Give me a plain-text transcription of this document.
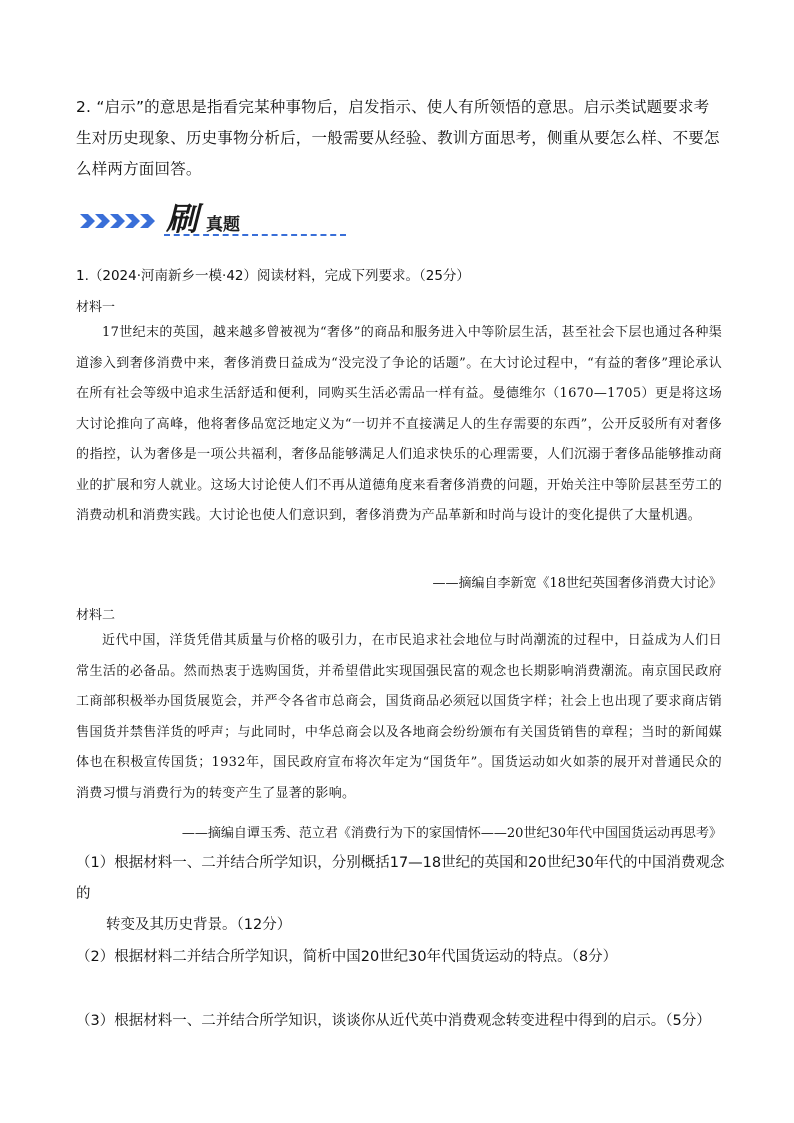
2. “启示”的意思是指看完某种事物后，启发指示、使人有所领悟的意思。启示类试题要求考生对历史现象、历史事物分析后，一般需要从经验、教训方面思考，侧重从要怎么样、不要怎么样两方面回答。
刷 真题
1.（2024·河南新乡一模·42）阅读材料，完成下列要求。（25分）
材料一
17世纪末的英国，越来越多曾被视为“奢侈”的商品和服务进入中等阶层生活，甚至社会下层也通过各种渠道渗入到奢侈消费中来，奢侈消费日益成为“没完没了争论的话题”。在大讨论过程中，“有益的奢侈”理论承认在所有社会等级中追求生活舒适和便利，同购买生活必需品一样有益。曼德维尔（1670—1705）更是将这场大讨论推向了高峰，他将奢侈品宽泛地定义为“一切并不直接满足人的生存需要的东西”，公开反驳所有对奢侈的指控，认为奢侈是一项公共福利，奢侈品能够满足人们追求快乐的心理需要，人们沉溺于奢侈品能够推动商业的扩展和穷人就业。这场大讨论使人们不再从道德角度来看奢侈消费的问题，开始关注中等阶层甚至劳工的消费动机和消费实践。大讨论也使人们意识到，奢侈消费为产品革新和时尚与设计的变化提供了大量机遇。
——摘编自李新宽《18世纪英国奢侈消费大讨论》
材料二
近代中国，洋货凭借其质量与价格的吸引力，在市民追求社会地位与时尚潮流的过程中，日益成为人们日常生活的必备品。然而热衷于选购国货，并希望借此实现国强民富的观念也长期影响消费潮流。南京国民政府工商部积极举办国货展览会，并严令各省市总商会，国货商品必须冠以国货字样；社会上也出现了要求商店销售国货并禁售洋货的呼声；与此同时，中华总商会以及各地商会纷纷颁布有关国货销售的章程；当时的新闻媒体也在积极宣传国货；1932年，国民政府宣布将次年定为“国货年”。国货运动如火如荼的展开对普通民众的消费习惯与消费行为的转变产生了显著的影响。
——摘编自谭玉秀、范立君《消费行为下的家国情怀——20世纪30年代中国国货运动再思考》
（1）根据材料一、二并结合所学知识，分别概括17—18世纪的英国和20世纪30年代的中国消费观念的
转变及其历史背景。（12分）
（2）根据材料二并结合所学知识，简析中国20世纪30年代国货运动的特点。（8分）
（3）根据材料一、二并结合所学知识，谈谈你从近代英中消费观念转变进程中得到的启示。（5分）
